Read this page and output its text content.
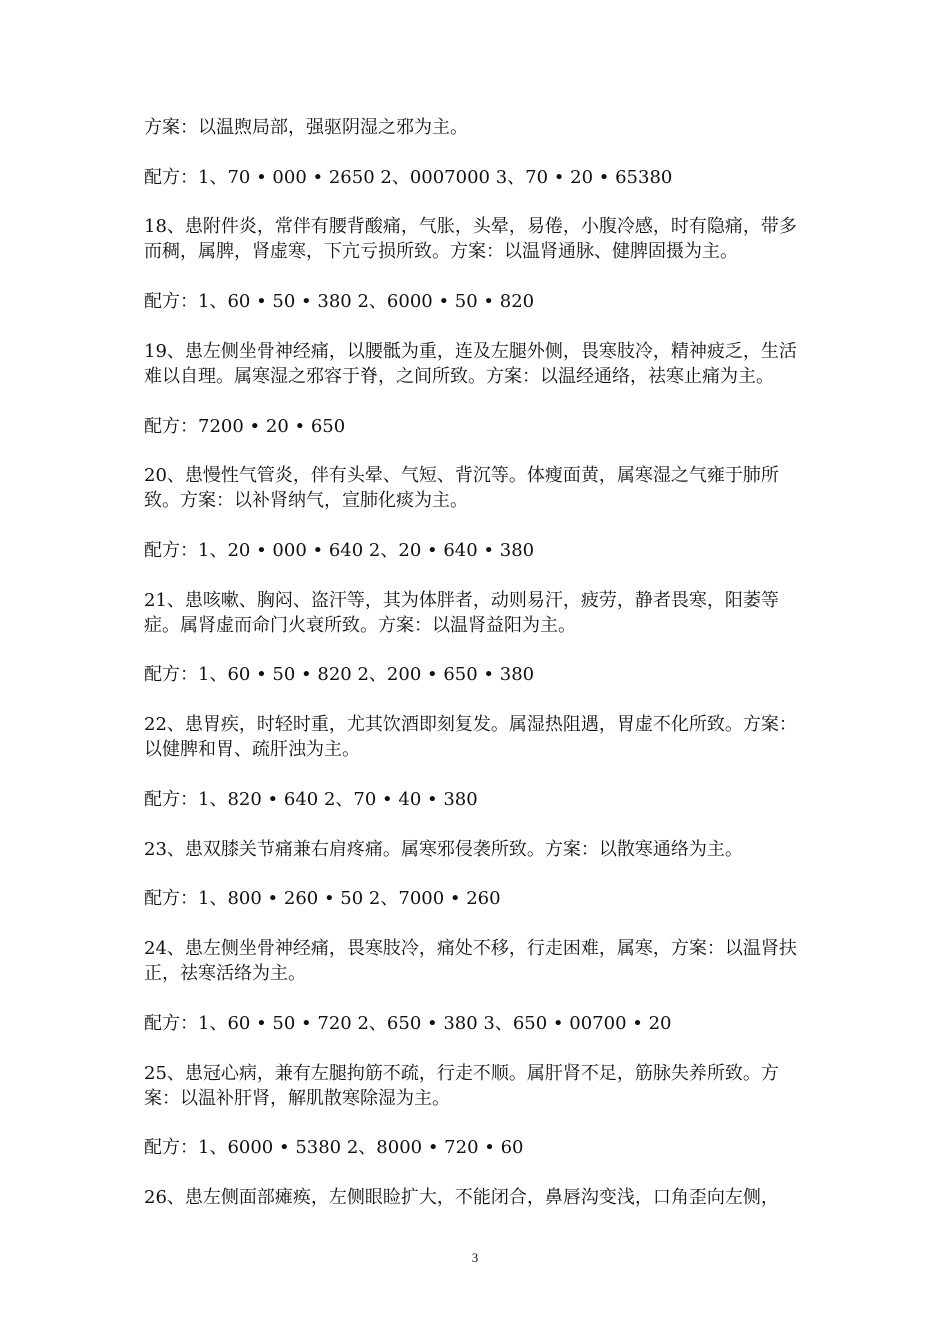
方案：以温煦局部，强驱阴湿之邪为主。

配方：1、70 • 000 • 2650 2、0007000 3、70 • 20 • 65380

18、患附件炎，常伴有腰背酸痛，气胀，头晕，易倦，小腹冷感，时有隐痛，带多而稠，属脾，肾虚寒，下亢亏损所致。方案：以温肾通脉、健脾固摄为主。

配方：1、60 • 50 • 380 2、6000 • 50 • 820

19、患左侧坐骨神经痛，以腰骶为重，连及左腿外侧，畏寒肢冷，精神疲乏，生活难以自理。属寒湿之邪容于脊，之间所致。方案：以温经通络，祛寒止痛为主。

配方：7200 • 20 • 650

20、患慢性气管炎，伴有头晕、气短、背沉等。体瘦面黄，属寒湿之气雍于肺所致。方案：以补肾纳气，宣肺化痰为主。

配方：1、20 • 000 • 640 2、20 • 640 • 380

21、患咳嗽、胸闷、盗汗等，其为体胖者，动则易汗，疲劳，静者畏寒，阳萎等症。属肾虚而命门火衰所致。方案：以温肾益阳为主。

配方：1、60 • 50 • 820 2、200 • 650 • 380

22、患胃疾，时轻时重，尤其饮酒即刻复发。属湿热阻遇，胃虚不化所致。方案：以健脾和胃、疏肝浊为主。

配方：1、820 • 640 2、70 • 40 • 380

23、患双膝关节痛兼右肩疼痛。属寒邪侵袭所致。方案：以散寒通络为主。

配方：1、800 • 260 • 50 2、7000 • 260

24、患左侧坐骨神经痛，畏寒肢冷，痛处不移，行走困难，属寒，方案：以温肾扶正，祛寒活络为主。

配方：1、60 • 50 • 720 2、650 • 380 3、650 • 00700 • 20

25、患冠心病，兼有左腿拘筋不疏，行走不顺。属肝肾不足，筋脉失养所致。方案：以温补肝肾，解肌散寒除湿为主。

配方：1、6000 • 5380 2、8000 • 720 • 60

26、患左侧面部瘫痪，左侧眼睑扩大，不能闭合，鼻唇沟变浅，口角歪向左侧，

3
